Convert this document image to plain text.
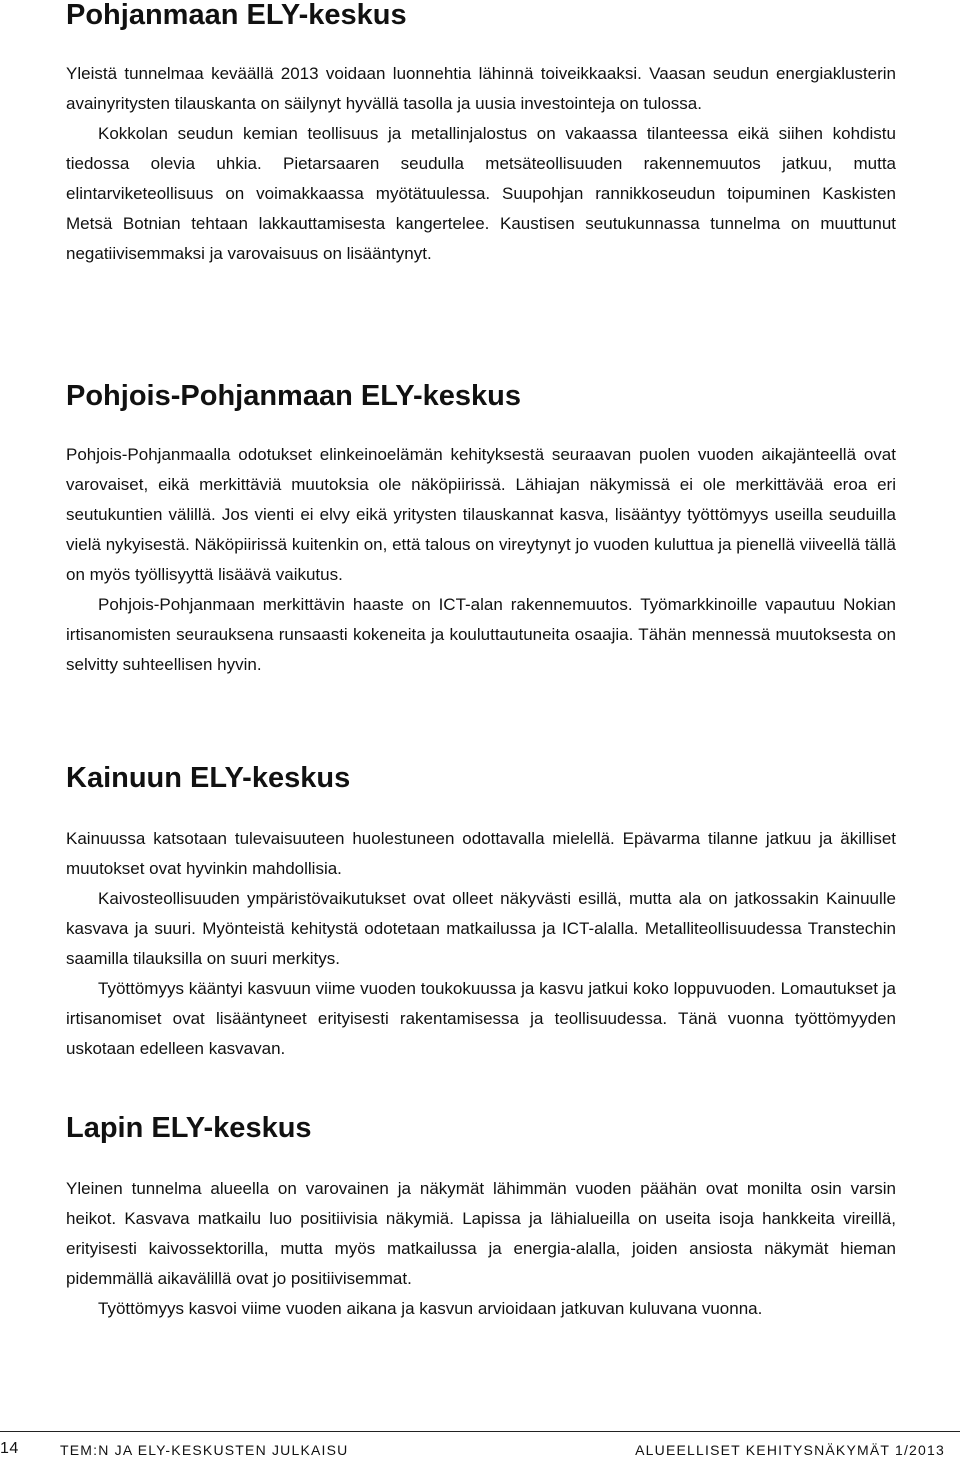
Pohjanmaan ELY-keskus

Yleistä tunnelmaa keväällä 2013 voidaan luonnehtia lähinnä toiveikkaaksi. Vaasan seudun energiaklusterin avainyritysten tilauskanta on säilynyt hyvällä tasolla ja uusia investointeja on tulossa.

Kokkolan seudun kemian teollisuus ja metallinjalostus on vakaassa tilanteessa eikä siihen kohdistu tiedossa olevia uhkia. Pietarsaaren seudulla metsäteollisuuden rakennemuutos jatkuu, mutta elintarviketeollisuus on voimakkaassa myötätuulessa. Suupohjan rannikkoseudun toipuminen Kaskisten Metsä Botnian tehtaan lakkauttamisesta kangertelee. Kaustisen seutukunnassa tunnelma on muuttunut negatiivisemmaksi ja varovaisuus on lisääntynyt.

Pohjois-Pohjanmaan ELY-keskus

Pohjois-Pohjanmaalla odotukset elinkeinoelämän kehityksestä seuraavan puolen vuoden aikajänteellä ovat varovaiset, eikä merkittäviä muutoksia ole näköpiirissä. Lähiajan näkymissä ei ole merkittävää eroa eri seutukuntien välillä. Jos vienti ei elvy eikä yritysten tilauskannat kasva, lisääntyy työttömyys useilla seuduilla vielä nykyisestä. Näköpiirissä kuitenkin on, että talous on vireytynyt jo vuoden kuluttua ja pienellä viiveellä tällä on myös työllisyyttä lisäävä vaikutus.

Pohjois-Pohjanmaan merkittävin haaste on ICT-alan rakennemuutos. Työmarkkinoille vapautuu Nokian irtisanomisten seurauksena runsaasti kokeneita ja kouluttautuneita osaajia. Tähän mennessä muutoksesta on selvitty suhteellisen hyvin.

Kainuun ELY-keskus

Kainuussa katsotaan tulevaisuuteen huolestuneen odottavalla mielellä. Epävarma tilanne jatkuu ja äkilliset muutokset ovat hyvinkin mahdollisia.

Kaivosteollisuuden ympäristövaikutukset ovat olleet näkyvästi esillä, mutta ala on jatkossakin Kainuulle kasvava ja suuri. Myönteistä kehitystä odotetaan matkailussa ja ICT-alalla. Metalliteollisuudessa Transtechin saamilla tilauksilla on suuri merkitys.

Työttömyys kääntyi kasvuun viime vuoden toukokuussa ja kasvu jatkui koko loppuvuoden. Lomautukset ja irtisanomiset ovat lisääntyneet erityisesti rakentamisessa ja teollisuudessa. Tänä vuonna työttömyyden uskotaan edelleen kasvavan.

Lapin ELY-keskus

Yleinen tunnelma alueella on varovainen ja näkymät lähimmän vuoden päähän ovat monilta osin varsin heikot. Kasvava matkailu luo positiivisia näkymiä. Lapissa ja lähialueilla on useita isoja hankkeita vireillä, erityisesti kaivossektorilla, mutta myös matkailussa ja energia-alalla, joiden ansiosta näkymät hieman pidemmällä aikavälillä ovat jo positiivisemmat.

Työttömyys kasvoi viime vuoden aikana ja kasvun arvioidaan jatkuvan kuluvana vuonna.

14	TEM:N JA ELY-KESKUSTEN JULKAISU	ALUEELLISET KEHITYSNÄKYMÄT 1/2013
